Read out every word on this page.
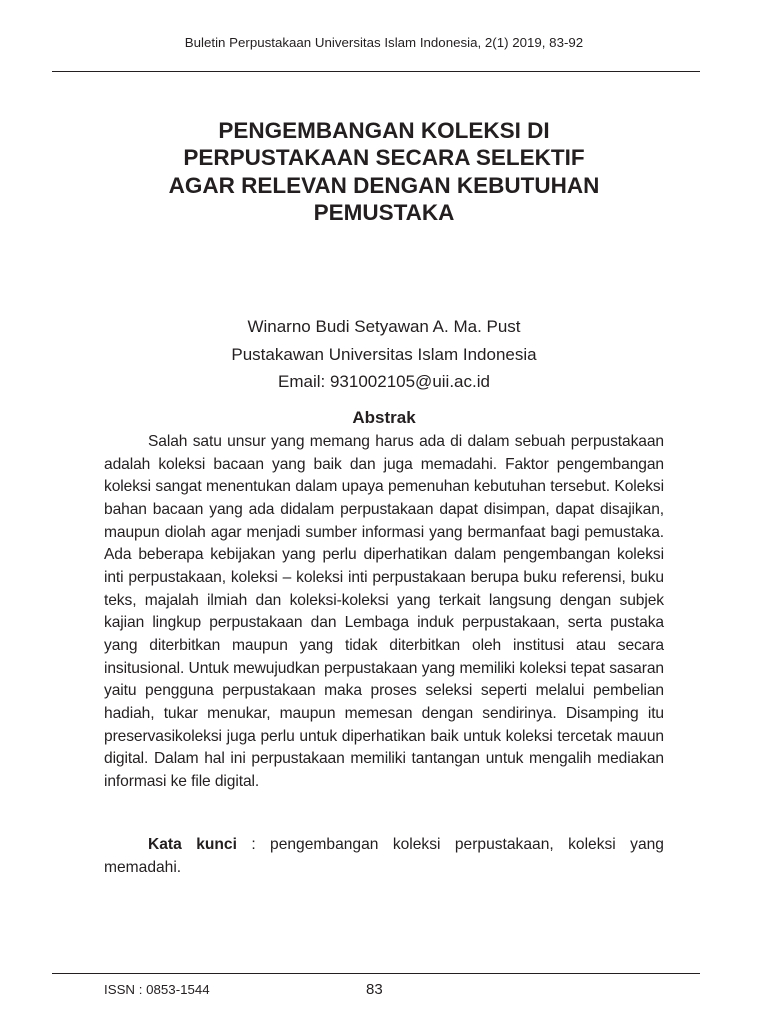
Buletin Perpustakaan Universitas Islam Indonesia, 2(1) 2019, 83-92
PENGEMBANGAN KOLEKSI DI
PERPUSTAKAAN SECARA SELEKTIF
AGAR RELEVAN DENGAN KEBUTUHAN
PEMUSTAKA
Winarno Budi Setyawan A. Ma. Pust
Pustakawan Universitas Islam Indonesia
Email: 931002105@uii.ac.id
Abstrak

Salah satu unsur yang memang harus ada di dalam sebuah perpustakaan adalah koleksi bacaan yang baik dan juga memadahi. Faktor pengembangan koleksi sangat menentukan dalam upaya pemenuhan kebutuhan tersebut. Koleksi bahan bacaan yang ada didalam perpustakaan dapat disimpan, dapat disajikan, maupun diolah agar menjadi sumber informasi yang bermanfaat bagi pemustaka. Ada beberapa kebijakan yang perlu diperhatikan dalam pengembangan koleksi inti perpustakaan, koleksi – koleksi inti perpustakaan berupa buku referensi, buku teks, majalah ilmiah dan koleksi-koleksi yang terkait langsung dengan subjek kajian lingkup perpustakaan dan Lembaga induk perpustakaan, serta pustaka yang diterbitkan maupun yang tidak diterbitkan oleh institusi atau secara insitusional. Untuk mewujudkan perpustakaan yang memiliki koleksi tepat sasaran yaitu pengguna perpustakaan maka proses seleksi seperti melalui pembelian hadiah, tukar menukar, maupun memesan dengan sendirinya. Disamping itu preservasikoleksi juga perlu untuk diperhatikan baik untuk koleksi tercetak mauun digital. Dalam hal ini perpustakaan memiliki tantangan untuk mengalih mediakan informasi ke file digital.

Kata kunci : pengembangan koleksi perpustakaan, koleksi yang memadahi.

ISSN : 0853-1544	83
